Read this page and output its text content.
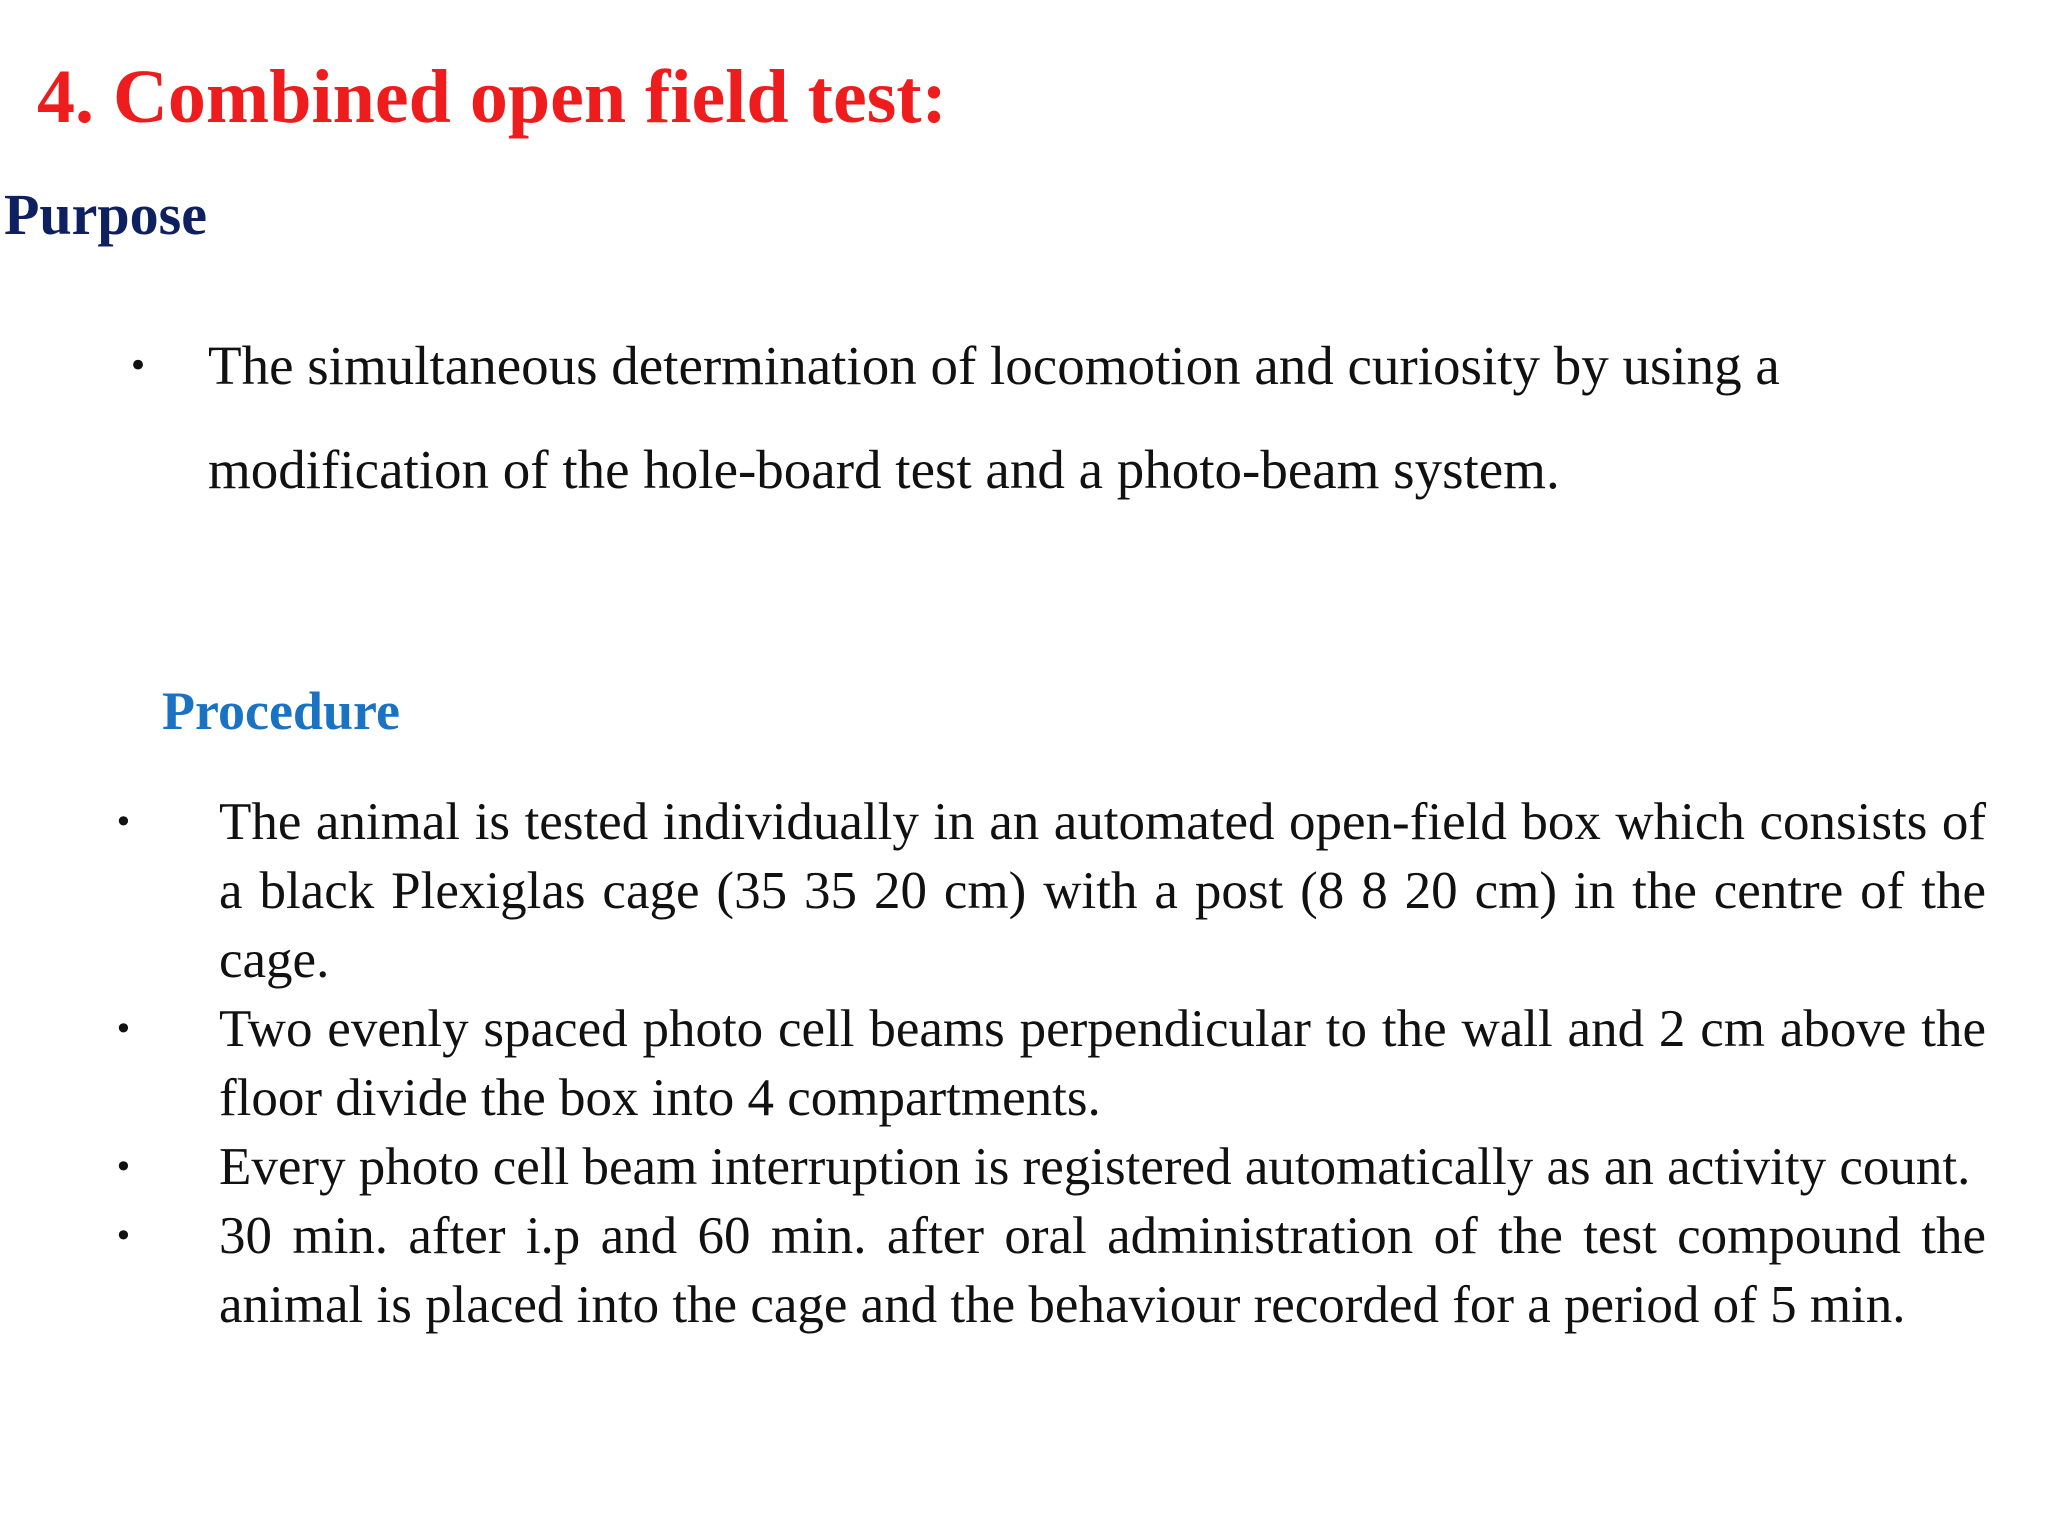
4. Combined open field test:
Purpose
• The simultaneous determination of locomotion and curiosity by using a modification of the hole-board test and a photo-beam system.
Procedure
• The animal is tested individually in an automated open-field box which consists of a black Plexiglas cage (35 35 20 cm) with a post (8 8 20 cm) in the centre of the cage.
• Two evenly spaced photo cell beams perpendicular to the wall and 2 cm above the floor divide the box into 4 compartments.
• Every photo cell beam interruption is registered automatically as an activity count.
• 30 min. after i.p and 60 min. after oral administration of the test compound the animal is placed into the cage and the behaviour recorded for a period of 5 min.
